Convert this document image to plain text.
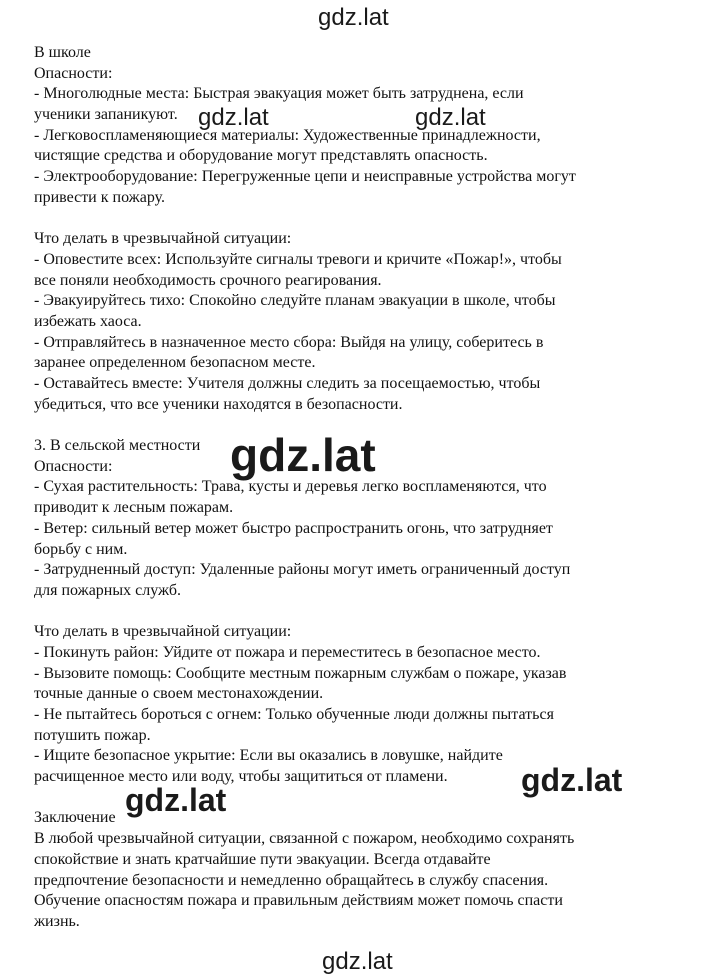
В школе
Опасности:
- Многолюдные места: Быстрая эвакуация может быть затруднена, если
ученики запаникуют.
- Легковоспламеняющиеся материалы: Художественные принадлежности,
чистящие средства и оборудование могут представлять опасность.
- Электрооборудование: Перегруженные цепи и неисправные устройства могут
привести к пожару.
Что делать в чрезвычайной ситуации:
- Оповестите всех: Используйте сигналы тревоги и кричите «Пожар!», чтобы
все поняли необходимость срочного реагирования.
- Эвакуируйтесь тихо: Спокойно следуйте планам эвакуации в школе, чтобы
избежать хаоса.
- Отправляйтесь в назначенное место сбора: Выйдя на улицу, соберитесь в
заранее определенном безопасном месте.
- Оставайтесь вместе: Учителя должны следить за посещаемостью, чтобы
убедиться, что все ученики находятся в безопасности.
3. В сельской местности
Опасности:
- Сухая растительность: Трава, кусты и деревья легко воспламеняются, что
приводит к лесным пожарам.
- Ветер: сильный ветер может быстро распространить огонь, что затрудняет
борьбу с ним.
- Затрудненный доступ: Удаленные районы могут иметь ограниченный доступ
для пожарных служб.
Что делать в чрезвычайной ситуации:
- Покинуть район: Уйдите от пожара и переместитесь в безопасное место.
- Вызовите помощь: Сообщите местным пожарным службам о пожаре, указав
точные данные о своем местонахождении.
- Не пытайтесь бороться с огнем: Только обученные люди должны пытаться
потушить пожар.
- Ищите безопасное укрытие: Если вы оказались в ловушке, найдите
расчищенное место или воду, чтобы защититься от пламени.
Заключение
В любой чрезвычайной ситуации, связанной с пожаром, необходимо сохранять
спокойствие и знать кратчайшие пути эвакуации. Всегда отдавайте
предпочтение безопасности и немедленно обращайтесь в службу спасения.
Обучение опасностям пожара и правильным действиям может помочь спасти
жизнь.
gdz.lat
gdz.lat	gdz.lat
gdz.lat
gdz.lat
gdz.lat
gdz.lat
